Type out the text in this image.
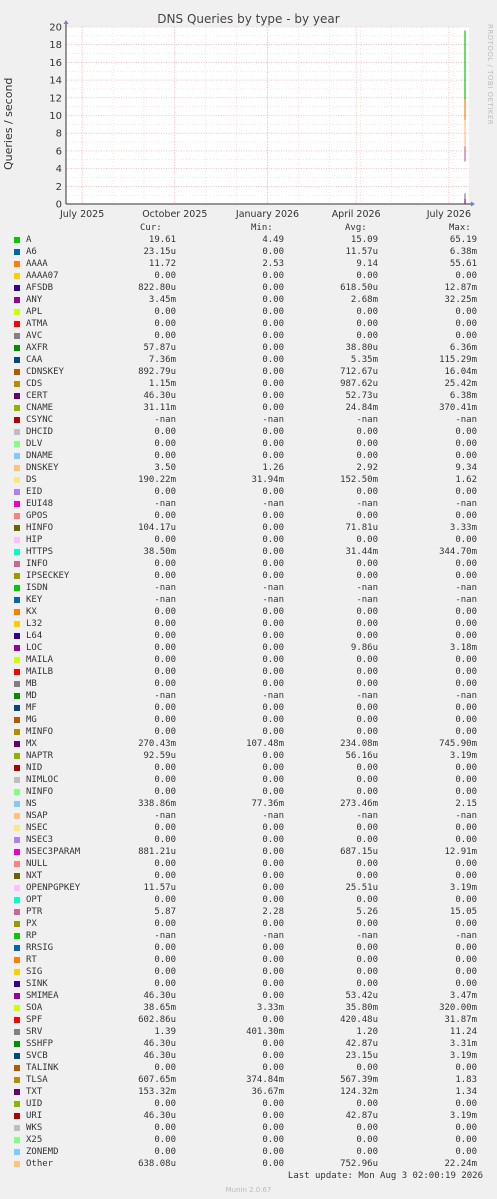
DNS Queries by type - by year
Queries / second	RRDTOOL / TOBI OETIKER
0
2
4
6
8
10
12
14
16
18
20
July 2025	October 2025	January 2026	April 2026	July 2026
Cur:	Min:	Avg:	Max:
A	19.61	4.49	15.09	65.19
A6	23.15u	0.00	11.57u	6.38m
AAAA	11.72	2.53	9.14	55.61
AAAA07	0.00	0.00	0.00	0.00
AFSDB	822.80u	0.00	618.50u	12.87m
ANY	3.45m	0.00	2.68m	32.25m
APL	0.00	0.00	0.00	0.00
ATMA	0.00	0.00	0.00	0.00
AVC	0.00	0.00	0.00	0.00
AXFR	57.87u	0.00	38.80u	6.36m
CAA	7.36m	0.00	5.35m	115.29m
CDNSKEY	892.79u	0.00	712.67u	16.04m
CDS	1.15m	0.00	987.62u	25.42m
CERT	46.30u	0.00	52.73u	6.38m
CNAME	31.11m	0.00	24.84m	370.41m
CSYNC	-nan	-nan	-nan	-nan
DHCID	0.00	0.00	0.00	0.00
DLV	0.00	0.00	0.00	0.00
DNAME	0.00	0.00	0.00	0.00
DNSKEY	3.50	1.26	2.92	9.34
DS	190.22m	31.94m	152.50m	1.62
EID	0.00	0.00	0.00	0.00
EUI48	-nan	-nan	-nan	-nan
GPOS	0.00	0.00	0.00	0.00
HINFO	104.17u	0.00	71.81u	3.33m
HIP	0.00	0.00	0.00	0.00
HTTPS	38.50m	0.00	31.44m	344.70m
INFO	0.00	0.00	0.00	0.00
IPSECKEY	0.00	0.00	0.00	0.00
ISDN	-nan	-nan	-nan	-nan
KEY	-nan	-nan	-nan	-nan
KX	0.00	0.00	0.00	0.00
L32	0.00	0.00	0.00	0.00
L64	0.00	0.00	0.00	0.00
LOC	0.00	0.00	9.86u	3.18m
MAILA	0.00	0.00	0.00	0.00
MAILB	0.00	0.00	0.00	0.00
MB	0.00	0.00	0.00	0.00
MD	-nan	-nan	-nan	-nan
MF	0.00	0.00	0.00	0.00
MG	0.00	0.00	0.00	0.00
MINFO	0.00	0.00	0.00	0.00
MX	270.43m	107.48m	234.08m	745.90m
NAPTR	92.59u	0.00	56.16u	3.19m
NID	0.00	0.00	0.00	0.00
NIMLOC	0.00	0.00	0.00	0.00
NINFO	0.00	0.00	0.00	0.00
NS	338.86m	77.36m	273.46m	2.15
NSAP	-nan	-nan	-nan	-nan
NSEC	0.00	0.00	0.00	0.00
NSEC3	0.00	0.00	0.00	0.00
NSEC3PARAM	881.21u	0.00	687.15u	12.91m
NULL	0.00	0.00	0.00	0.00
NXT	0.00	0.00	0.00	0.00
OPENPGPKEY	11.57u	0.00	25.51u	3.19m
OPT	0.00	0.00	0.00	0.00
PTR	5.87	2.28	5.26	15.05
PX	0.00	0.00	0.00	0.00
RP	-nan	-nan	-nan	-nan
RRSIG	0.00	0.00	0.00	0.00
RT	0.00	0.00	0.00	0.00
SIG	0.00	0.00	0.00	0.00
SINK	0.00	0.00	0.00	0.00
SMIMEA	46.30u	0.00	53.42u	3.47m
SOA	38.65m	3.33m	35.80m	320.00m
SPF	602.86u	0.00	420.48u	31.87m
SRV	1.39	401.30m	1.20	11.24
SSHFP	46.30u	0.00	42.87u	3.31m
SVCB	46.30u	0.00	23.15u	3.19m
TALINK	0.00	0.00	0.00	0.00
TLSA	607.65m	374.84m	567.39m	1.83
TXT	153.32m	36.67m	124.32m	1.34
UID	0.00	0.00	0.00	0.00
URI	46.30u	0.00	42.87u	3.19m
WKS	0.00	0.00	0.00	0.00
X25	0.00	0.00	0.00	0.00
ZONEMD	0.00	0.00	0.00	0.00
Other	638.08u	0.00	752.96u	22.24m
Last update: Mon Aug 3 02:00:19 2026
Munin 2.0.67
